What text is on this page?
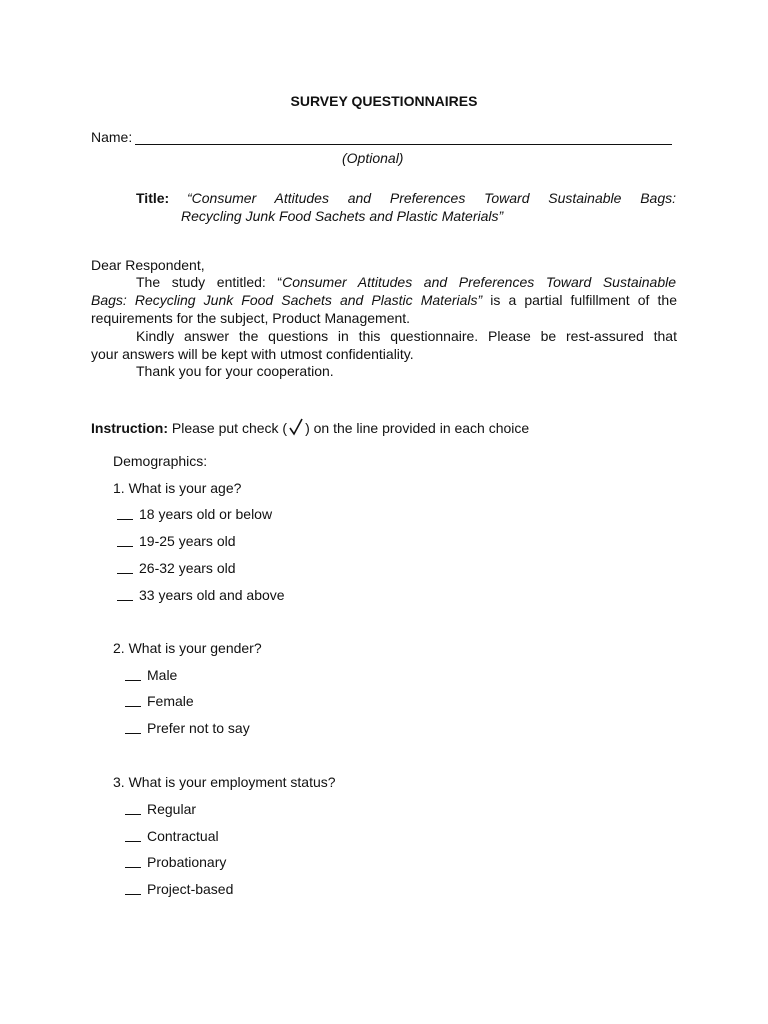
SURVEY QUESTIONNAIRES
Name:
(Optional)
Title: “Consumer Attitudes and Preferences Toward Sustainable Bags:
Recycling Junk Food Sachets and Plastic Materials”
Dear Respondent,
The study entitled: “Consumer Attitudes and Preferences Toward Sustainable
Bags: Recycling Junk Food Sachets and Plastic Materials” is a partial fulfillment of the
requirements for the subject, Product Management.
Kindly answer the questions in this questionnaire. Please be rest-assured that
your answers will be kept with utmost confidentiality.
Thank you for your cooperation.
Instruction: Please put check ( ) on the line provided in each choice
Demographics:
1. What is your age?
18 years old or below
19-25 years old
26-32 years old
33 years old and above
2. What is your gender?
Male
Female
Prefer not to say
3. What is your employment status?
Regular
Contractual
Probationary
Project-based
